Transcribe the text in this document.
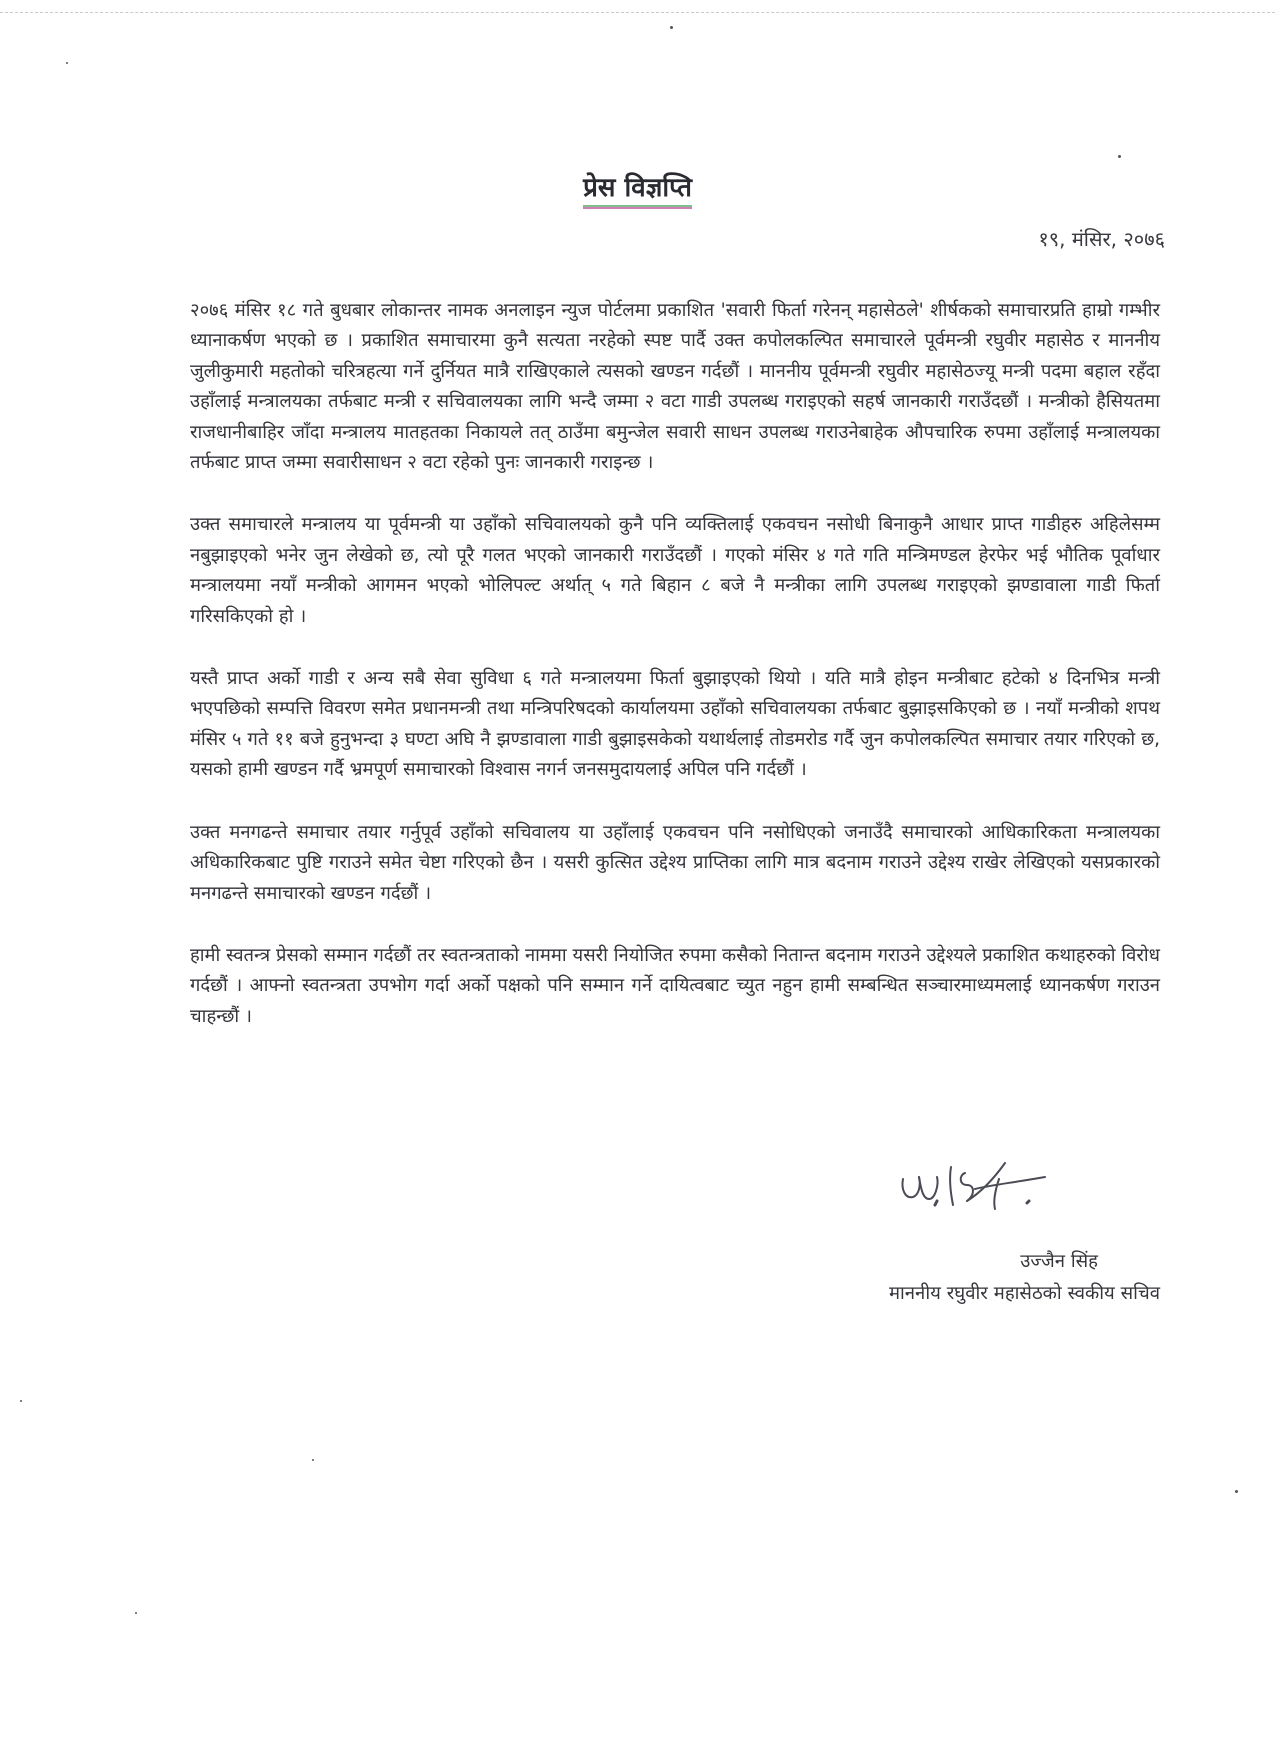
प्रेस विज्ञप्ति
१९, मंसिर, २०७६

२०७६ मंसिर १८ गते बुधबार लोकान्तर नामक अनलाइन न्युज पोर्टलमा प्रकाशित 'सवारी फिर्ता गरेनन् महासेठले' शीर्षकको समाचारप्रति हाम्रो गम्भीर ध्यानाकर्षण भएको छ । प्रकाशित समाचारमा कुनै सत्यता नरहेको स्पष्ट पार्दै उक्त कपोलकल्पित समाचारले पूर्वमन्त्री रघुवीर महासेठ र माननीय जुलीकुमारी महतोको चरित्रहत्या गर्ने दुर्नियत मात्रै राखिएकाले त्यसको खण्डन गर्दछौं । माननीय पूर्वमन्त्री रघुवीर महासेठज्यू मन्त्री पदमा बहाल रहँदा उहाँलाई मन्त्रालयका तर्फबाट मन्त्री र सचिवालयका लागि भन्दै जम्मा २ वटा गाडी उपलब्ध गराइएको सहर्ष जानकारी गराउँदछौं । मन्त्रीको हैसियतमा राजधानीबाहिर जाँदा मन्त्रालय मातहतका निकायले तत् ठाउँमा बमुन्जेल सवारी साधन उपलब्ध गराउनेबाहेक औपचारिक रुपमा उहाँलाई मन्त्रालयका तर्फबाट प्राप्त जम्मा सवारीसाधन २ वटा रहेको पुनः जानकारी गराइन्छ ।

उक्त समाचारले मन्त्रालय या पूर्वमन्त्री या उहाँको सचिवालयको कुनै पनि व्यक्तिलाई एकवचन नसोधी बिनाकुनै आधार प्राप्त गाडीहरु अहिलेसम्म नबुझाइएको भनेर जुन लेखेको छ, त्यो पूरै गलत भएको जानकारी गराउँदछौं । गएको मंसिर ४ गते गति मन्त्रिमण्डल हेरफेर भई भौतिक पूर्वाधार मन्त्रालयमा नयाँ मन्त्रीको आगमन भएको भोलिपल्ट अर्थात् ५ गते बिहान ८ बजे नै मन्त्रीका लागि उपलब्ध गराइएको झण्डावाला गाडी फिर्ता गरिसकिएको हो ।

यस्तै प्राप्त अर्को गाडी र अन्य सबै सेवा सुविधा ६ गते मन्त्रालयमा फिर्ता बुझाइएको थियो । यति मात्रै होइन मन्त्रीबाट हटेको ४ दिनभित्र मन्त्री भएपछिको सम्पत्ति विवरण समेत प्रधानमन्त्री तथा मन्त्रिपरिषदको कार्यालयमा उहाँको सचिवालयका तर्फबाट बुझाइसकिएको छ । नयाँ मन्त्रीको शपथ मंसिर ५ गते ११ बजे हुनुभन्दा ३ घण्टा अघि नै झण्डावाला गाडी बुझाइसकेको यथार्थलाई तोडमरोड गर्दै जुन कपोलकल्पित समाचार तयार गरिएको छ, यसको हामी खण्डन गर्दै भ्रमपूर्ण समाचारको विश्वास नगर्न जनसमुदायलाई अपिल पनि गर्दछौं ।

उक्त मनगढन्ते समाचार तयार गर्नुपूर्व उहाँको सचिवालय या उहाँलाई एकवचन पनि नसोधिएको जनाउँदै समाचारको आधिकारिकता मन्त्रालयका अधिकारिकबाट पुष्टि गराउने समेत चेष्टा गरिएको छैन । यसरी कुत्सित उद्देश्य प्राप्तिका लागि मात्र बदनाम गराउने उद्देश्य राखेर लेखिएको यसप्रकारको मनगढन्ते समाचारको खण्डन गर्दछौं ।

हामी स्वतन्त्र प्रेसको सम्मान गर्दछौं तर स्वतन्त्रताको नाममा यसरी नियोजित रुपमा कसैको नितान्त बदनाम गराउने उद्देश्यले प्रकाशित कथाहरुको विरोध गर्दछौं । आफ्नो स्वतन्त्रता उपभोग गर्दा अर्को पक्षको पनि सम्मान गर्ने दायित्वबाट च्युत नहुन हामी सम्बन्धित सञ्चारमाध्यमलाई ध्यानकर्षण गराउन चाहन्छौं ।

उज्जैन सिंह
माननीय रघुवीर महासेठको स्वकीय सचिव
